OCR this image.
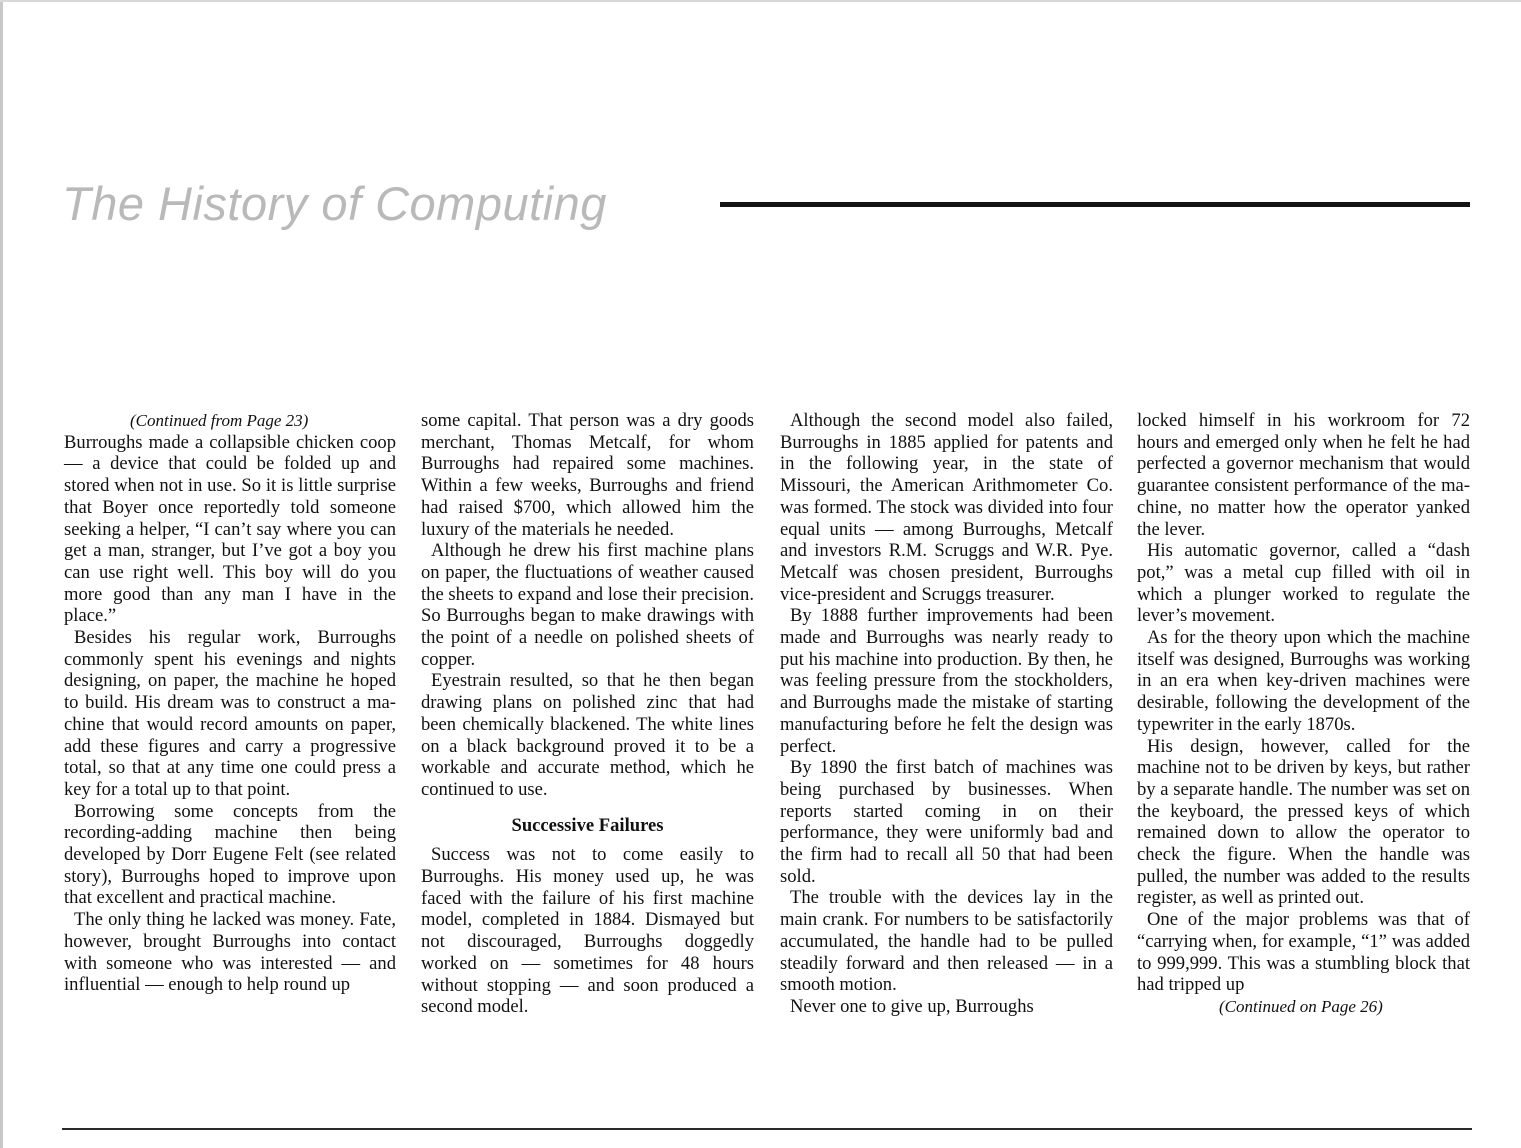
The History of Computing

(Continued from Page 23)

Burroughs made a collapsible chicken coop — a device that could be folded up and stored when not in use. So it is little surprise that Boyer once reportedly told someone seeking a helper, “I can’t say where you can get a man, stranger, but I’ve got a boy you can use right well. This boy will do you more good than any man I have in the place.”

Besides his regular work, Burroughs commonly spent his evenings and nights designing, on paper, the machine he hoped to build. His dream was to construct a machine that would record amounts on paper, add these figures and carry a progressive total, so that at any time one could press a key for a total up to that point.

Borrowing some concepts from the recording-adding machine then being developed by Dorr Eugene Felt (see related story), Burroughs hoped to improve upon that excellent and practical machine.

The only thing he lacked was money. Fate, however, brought Burroughs into contact with someone who was interested — and influential — enough to help round up

some capital. That person was a dry goods merchant, Thomas Metcalf, for whom Burroughs had repaired some machines. Within a few weeks, Burroughs and friend had raised $700, which allowed him the luxury of the materials he needed.

Although he drew his first machine plans on paper, the fluctuations of weather caused the sheets to expand and lose their precision. So Burroughs began to make drawings with the point of a needle on polished sheets of copper.

Eyestrain resulted, so that he then began drawing plans on polished zinc that had been chemically blackened. The white lines on a black background proved it to be a workable and accurate method, which he continued to use.

Successive Failures

Success was not to come easily to Burroughs. His money used up, he was faced with the failure of his first machine model, completed in 1884. Dismayed but not discouraged, Burroughs doggedly worked on — sometimes for 48 hours without stopping — and soon produced a second model.

Although the second model also failed, Burroughs in 1885 applied for patents and in the following year, in the state of Missouri, the American Arithmometer Co. was formed. The stock was divided into four equal units — among Burroughs, Metcalf and investors R.M. Scruggs and W.R. Pye. Metcalf was chosen president, Burroughs vice-president and Scruggs treasurer.

By 1888 further improvements had been made and Burroughs was nearly ready to put his machine into production. By then, he was feeling pressure from the stockholders, and Burroughs made the mistake of starting manufacturing before he felt the design was perfect.

By 1890 the first batch of machines was being purchased by businesses. When reports started coming in on their performance, they were uniformly bad and the firm had to recall all 50 that had been sold.

The trouble with the devices lay in the main crank. For numbers to be satisfactorily accumulated, the handle had to be pulled steadily forward and then released — in a smooth motion.

Never one to give up, Burroughs

locked himself in his workroom for 72 hours and emerged only when he felt he had perfected a governor mechanism that would guarantee consistent performance of the machine, no matter how the operator yanked the lever.

His automatic governor, called a “dash pot,” was a metal cup filled with oil in which a plunger worked to regulate the lever’s movement.

As for the theory upon which the machine itself was designed, Burroughs was working in an era when key-driven machines were desirable, following the development of the typewriter in the early 1870s.

His design, however, called for the machine not to be driven by keys, but rather by a separate handle. The number was set on the keyboard, the pressed keys of which remained down to allow the operator to check the figure. When the handle was pulled, the number was added to the results register, as well as printed out.

One of the major problems was that of “carrying when, for example, “1” was added to 999,999. This was a stumbling block that had tripped up

(Continued on Page 26)
